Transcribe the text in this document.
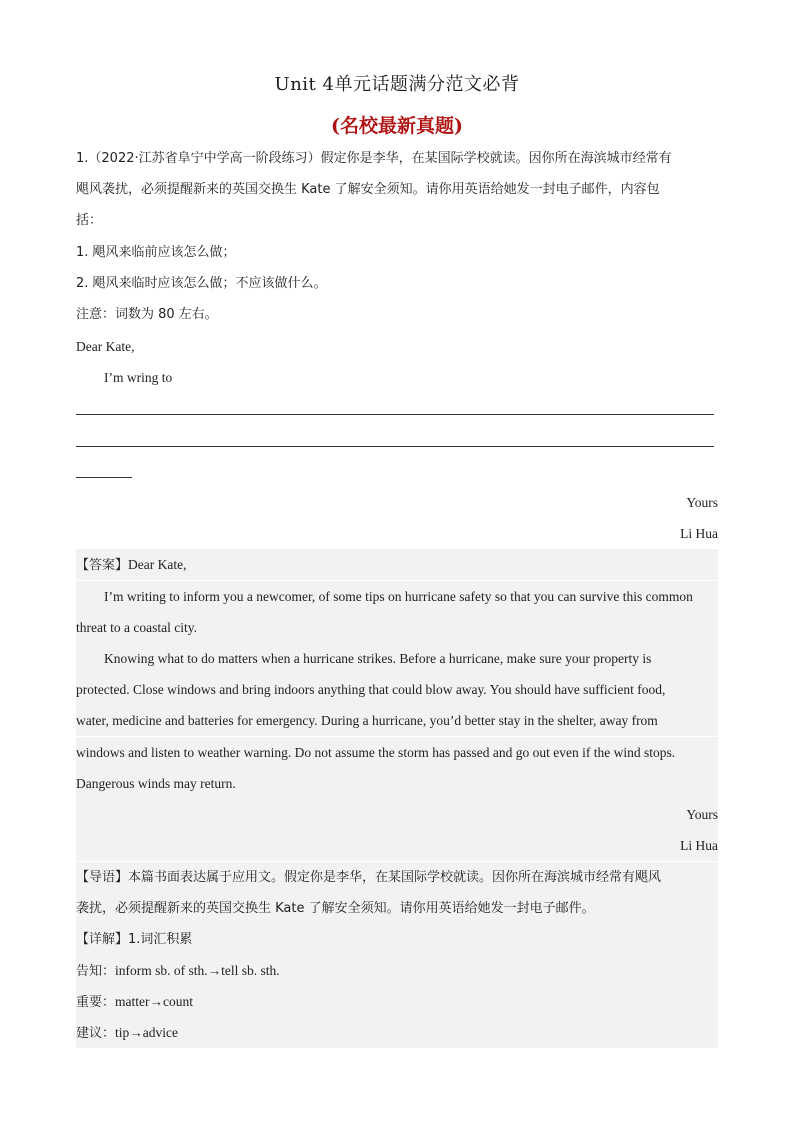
Unit 4单元话题满分范文必背
(名校最新真题)
1.（2022·江苏省阜宁中学高一阶段练习）假定你是李华，在某国际学校就读。因你所在海滨城市经常有
飓风袭扰，必须提醒新来的英国交换生 Kate 了解安全须知。请你用英语给她发一封电子邮件，内容包
括：
1. 飓风来临前应该怎么做；
2. 飓风来临时应该怎么做；不应该做什么。
注意：词数为 80 左右。
Dear Kate,
I’m wring to
Yours
Li Hua
【答案】Dear Kate,
I’m writing to inform you a newcomer, of some tips on hurricane safety so that you can survive this common
threat to a coastal city.
Knowing what to do matters when a hurricane strikes. Before a hurricane, make sure your property is
protected. Close windows and bring indoors anything that could blow away. You should have sufficient food,
water, medicine and batteries for emergency. During a hurricane, you’d better stay in the shelter, away from
windows and listen to weather warning. Do not assume the storm has passed and go out even if the wind stops.
Dangerous winds may return.
Yours
Li Hua
【导语】本篇书面表达属于应用文。假定你是李华，在某国际学校就读。因你所在海滨城市经常有飓风
袭扰，必须提醒新来的英国交换生 Kate 了解安全须知。请你用英语给她发一封电子邮件。
【详解】1.词汇积累
告知：inform sb. of sth.→tell sb. sth.
重要：matter→count
建议：tip→advice
